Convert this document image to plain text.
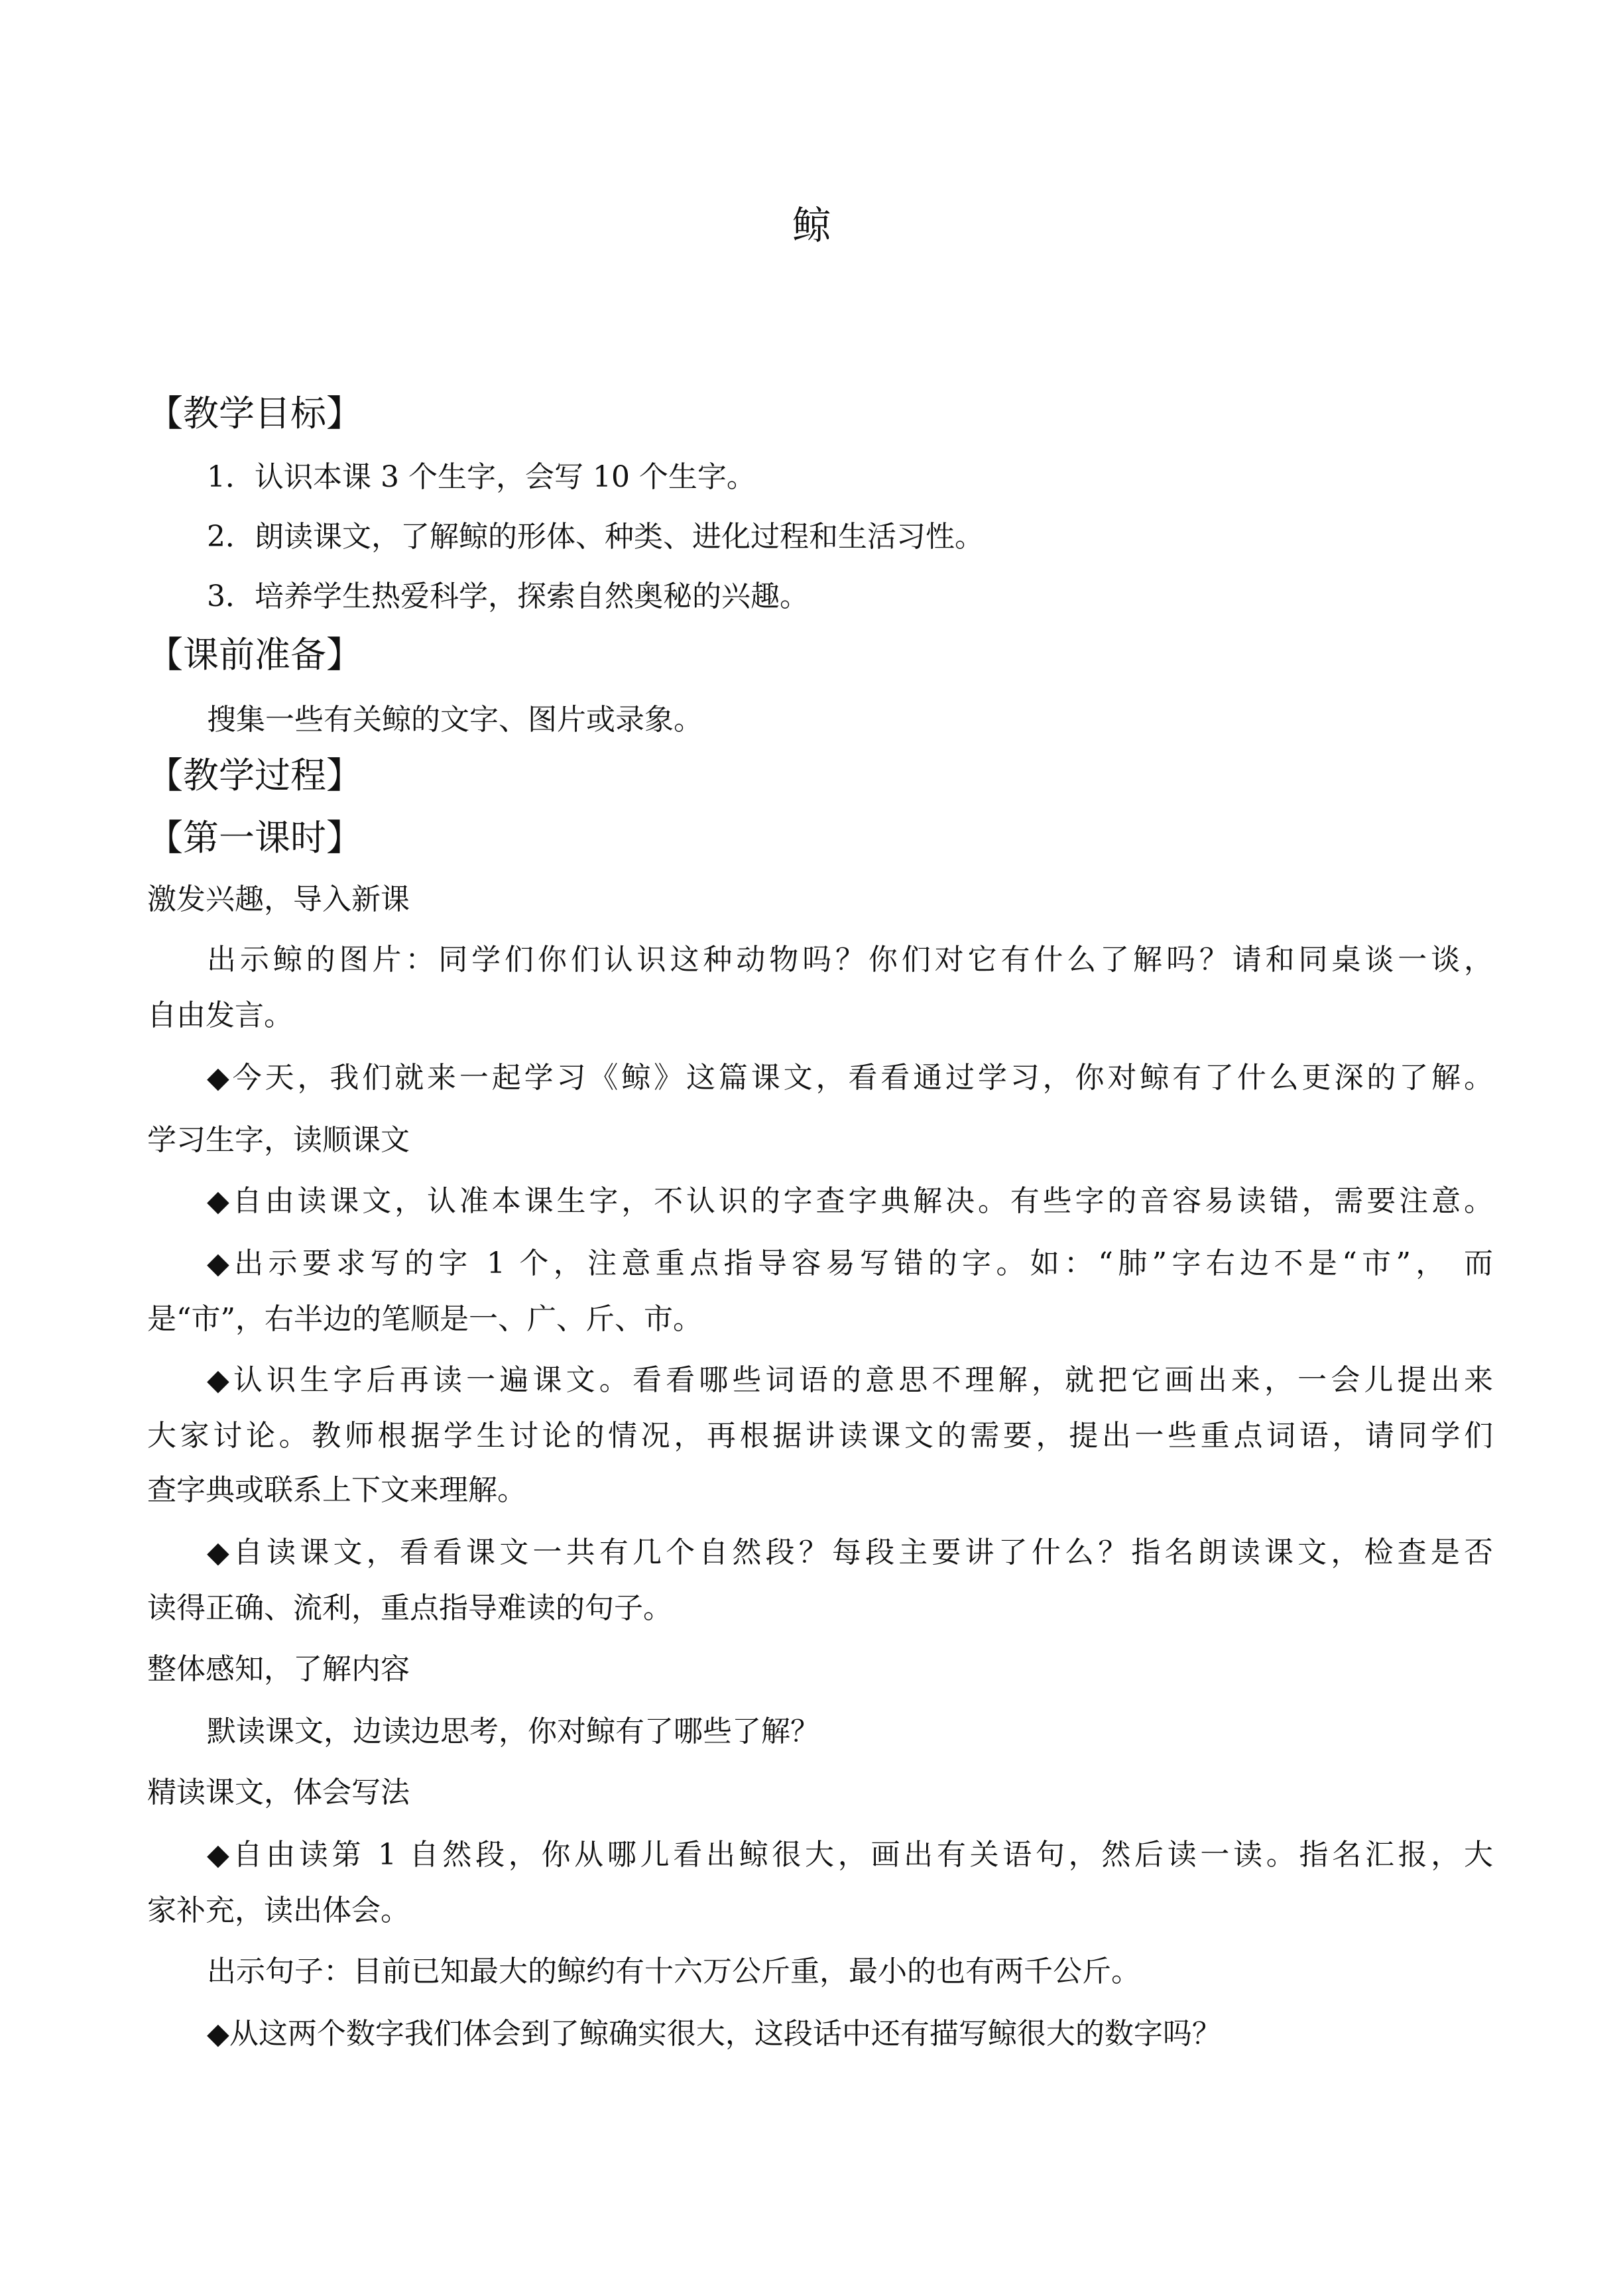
鲸
【教学目标】
1．认识本课 3 个生字，会写 10 个生字。
2．朗读课文，了解鲸的形体、种类、进化过程和生活习性。
3．培养学生热爱科学，探索自然奥秘的兴趣。
【课前准备】
搜集一些有关鲸的文字、图片或录象。
【教学过程】
【第一课时】
激发兴趣，导入新课
出示鲸的图片：同学们你们认识这种动物吗？你们对它有什么了解吗？请和同桌谈一谈，
自由发言。
◆今天，我们就来一起学习《鲸》这篇课文，看看通过学习，你对鲸有了什么更深的了解。
学习生字，读顺课文
◆自由读课文，认准本课生字，不认识的字查字典解决。有些字的音容易读错，需要注意。
◆出示要求写的字 1 个，注意重点指导容易写错的字。如：“肺”字右边不是“市”， 而
是“市”，右半边的笔顺是一、广、斤、市。
◆认识生字后再读一遍课文。看看哪些词语的意思不理解，就把它画出来，一会儿提出来
大家讨论。教师根据学生讨论的情况，再根据讲读课文的需要，提出一些重点词语，请同学们
查字典或联系上下文来理解。
◆自读课文，看看课文一共有几个自然段？每段主要讲了什么？指名朗读课文，检查是否
读得正确、流利，重点指导难读的句子。
整体感知，了解内容
默读课文，边读边思考，你对鲸有了哪些了解？
精读课文，体会写法
◆自由读第 1 自然段，你从哪儿看出鲸很大，画出有关语句，然后读一读。指名汇报，大
家补充，读出体会。
出示句子：目前已知最大的鲸约有十六万公斤重，最小的也有两千公斤。
◆从这两个数字我们体会到了鲸确实很大，这段话中还有描写鲸很大的数字吗？
